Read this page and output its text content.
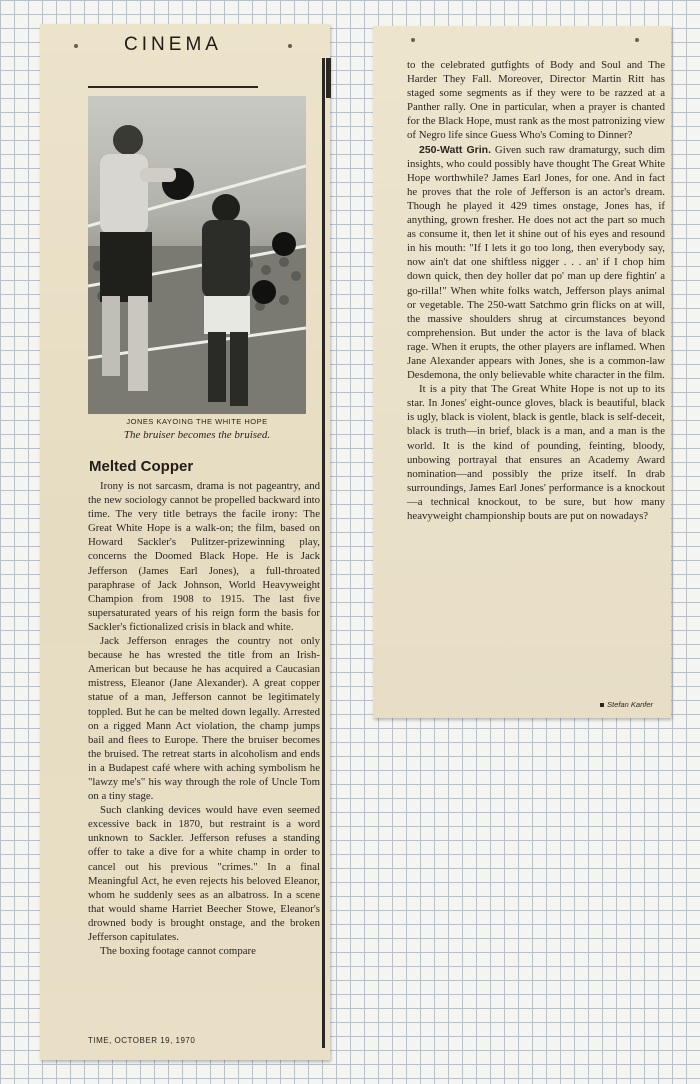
CINEMA
JONES KAYOING THE WHITE HOPE
The bruiser becomes the bruised.
Melted Copper

Irony is not sarcasm, drama is not pageantry, and the new sociology cannot be propelled backward into time. The very title betrays the facile irony: The Great White Hope is a walk-on; the film, based on Howard Sackler's Pulitzer-prizewinning play, concerns the Doomed Black Hope. He is Jack Jefferson (James Earl Jones), a full-throated paraphrase of Jack Johnson, World Heavyweight Champion from 1908 to 1915. The last five supersaturated years of his reign form the basis for Sackler's fictionalized crisis in black and white.

Jack Jefferson enrages the country not only because he has wrested the title from an Irish-American but because he has acquired a Caucasian mistress, Eleanor (Jane Alexander). A great copper statue of a man, Jefferson cannot be legitimately toppled. But he can be melted down legally. Arrested on a rigged Mann Act violation, the champ jumps bail and flees to Europe. There the bruiser becomes the bruised. The retreat starts in alcoholism and ends in a Budapest café where with aching symbolism he "lawzy me's" his way through the role of Uncle Tom on a tiny stage.

Such clanking devices would have even seemed excessive back in 1870, but restraint is a word unknown to Sackler. Jefferson refuses a standing offer to take a dive for a white champ in order to cancel out his previous "crimes." In a final Meaningful Act, he even rejects his beloved Eleanor, whom he suddenly sees as an albatross. In a scene that would shame Harriet Beecher Stowe, Eleanor's drowned body is brought onstage, and the broken Jefferson capitulates.

The boxing footage cannot compare

TIME, OCTOBER 19, 1970

to the celebrated gutfights of Body and Soul and The Harder They Fall. Moreover, Director Martin Ritt has staged some segments as if they were to be razzed at a Panther rally. One in particular, when a prayer is chanted for the Black Hope, must rank as the most patronizing view of Negro life since Guess Who's Coming to Dinner?

250-Watt Grin. Given such raw dramaturgy, such dim insights, who could possibly have thought The Great White Hope worthwhile? James Earl Jones, for one. And in fact he proves that the role of Jefferson is an actor's dream. Though he played it 429 times onstage, Jones has, if anything, grown fresher. He does not act the part so much as consume it, then let it shine out of his eyes and resound in his mouth: "If I lets it go too long, then everybody say, now ain't dat one shiftless nigger . . . an' if I chop him down quick, then dey holler dat po' man up dere fightin' a go-rilla!" When white folks watch, Jefferson plays animal or vegetable. The 250-watt Satchmo grin flicks on at will, the massive shoulders shrug at circumstances beyond comprehension. But under the actor is the lava of black rage. When it erupts, the other players are inflamed. When Jane Alexander appears with Jones, she is a common-law Desdemona, the only believable white character in the film.

It is a pity that The Great White Hope is not up to its star. In Jones' eight-ounce gloves, black is beautiful, black is ugly, black is violent, black is gentle, black is self-deceit, black is truth—in brief, black is a man, and a man is the world. It is the kind of pounding, feinting, bloody, unbowing portrayal that ensures an Academy Award nomination—and possibly the prize itself. In drab surroundings, James Earl Jones' performance is a knockout—a technical knockout, to be sure, but how many heavyweight championship bouts are put on nowadays?

Stefan Kanfer
